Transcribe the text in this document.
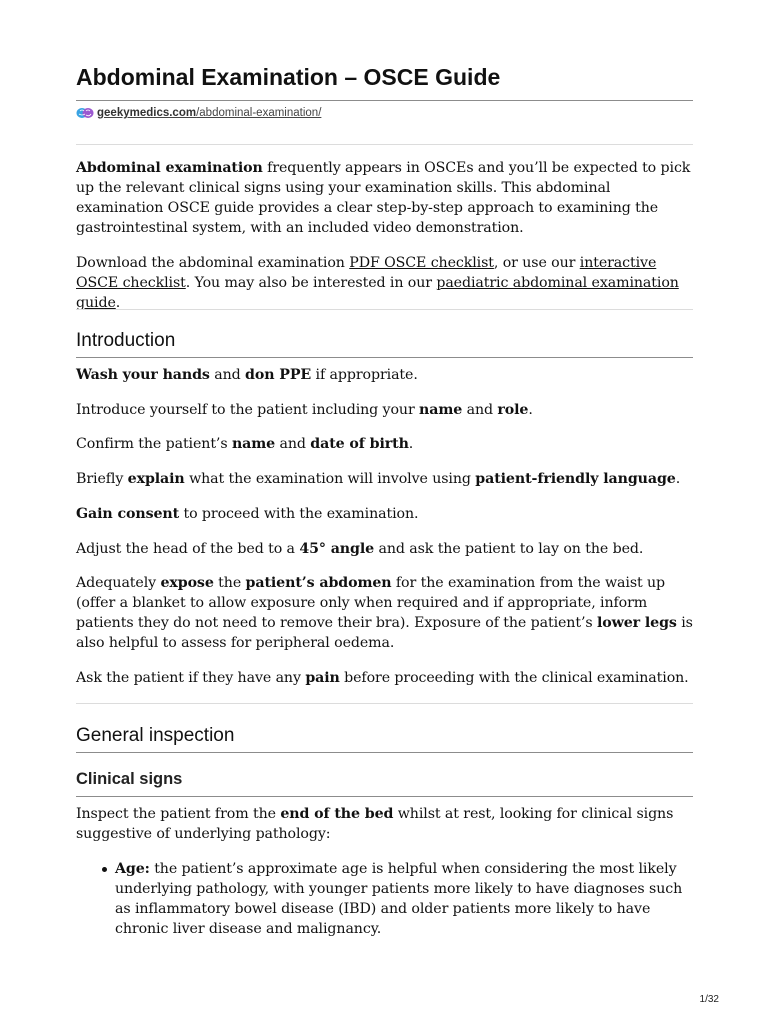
Abdominal Examination – OSCE Guide
geekymedics.com/abdominal-examination/

Abdominal examination frequently appears in OSCEs and you’ll be expected to pick up the relevant clinical signs using your examination skills. This abdominal examination OSCE guide provides a clear step-by-step approach to examining the gastrointestinal system, with an included video demonstration.

Download the abdominal examination PDF OSCE checklist, or use our interactive OSCE checklist. You may also be interested in our paediatric abdominal examination guide.

Introduction

Wash your hands and don PPE if appropriate.

Introduce yourself to the patient including your name and role.

Confirm the patient’s name and date of birth.

Briefly explain what the examination will involve using patient-friendly language.

Gain consent to proceed with the examination.

Adjust the head of the bed to a 45° angle and ask the patient to lay on the bed.

Adequately expose the patient’s abdomen for the examination from the waist up (offer a blanket to allow exposure only when required and if appropriate, inform patients they do not need to remove their bra). Exposure of the patient’s lower legs is also helpful to assess for peripheral oedema.

Ask the patient if they have any pain before proceeding with the clinical examination.

General inspection
Clinical signs

Inspect the patient from the end of the bed whilst at rest, looking for clinical signs suggestive of underlying pathology:

Age: the patient’s approximate age is helpful when considering the most likely underlying pathology, with younger patients more likely to have diagnoses such as inflammatory bowel disease (IBD) and older patients more likely to have chronic liver disease and malignancy.

1/32
